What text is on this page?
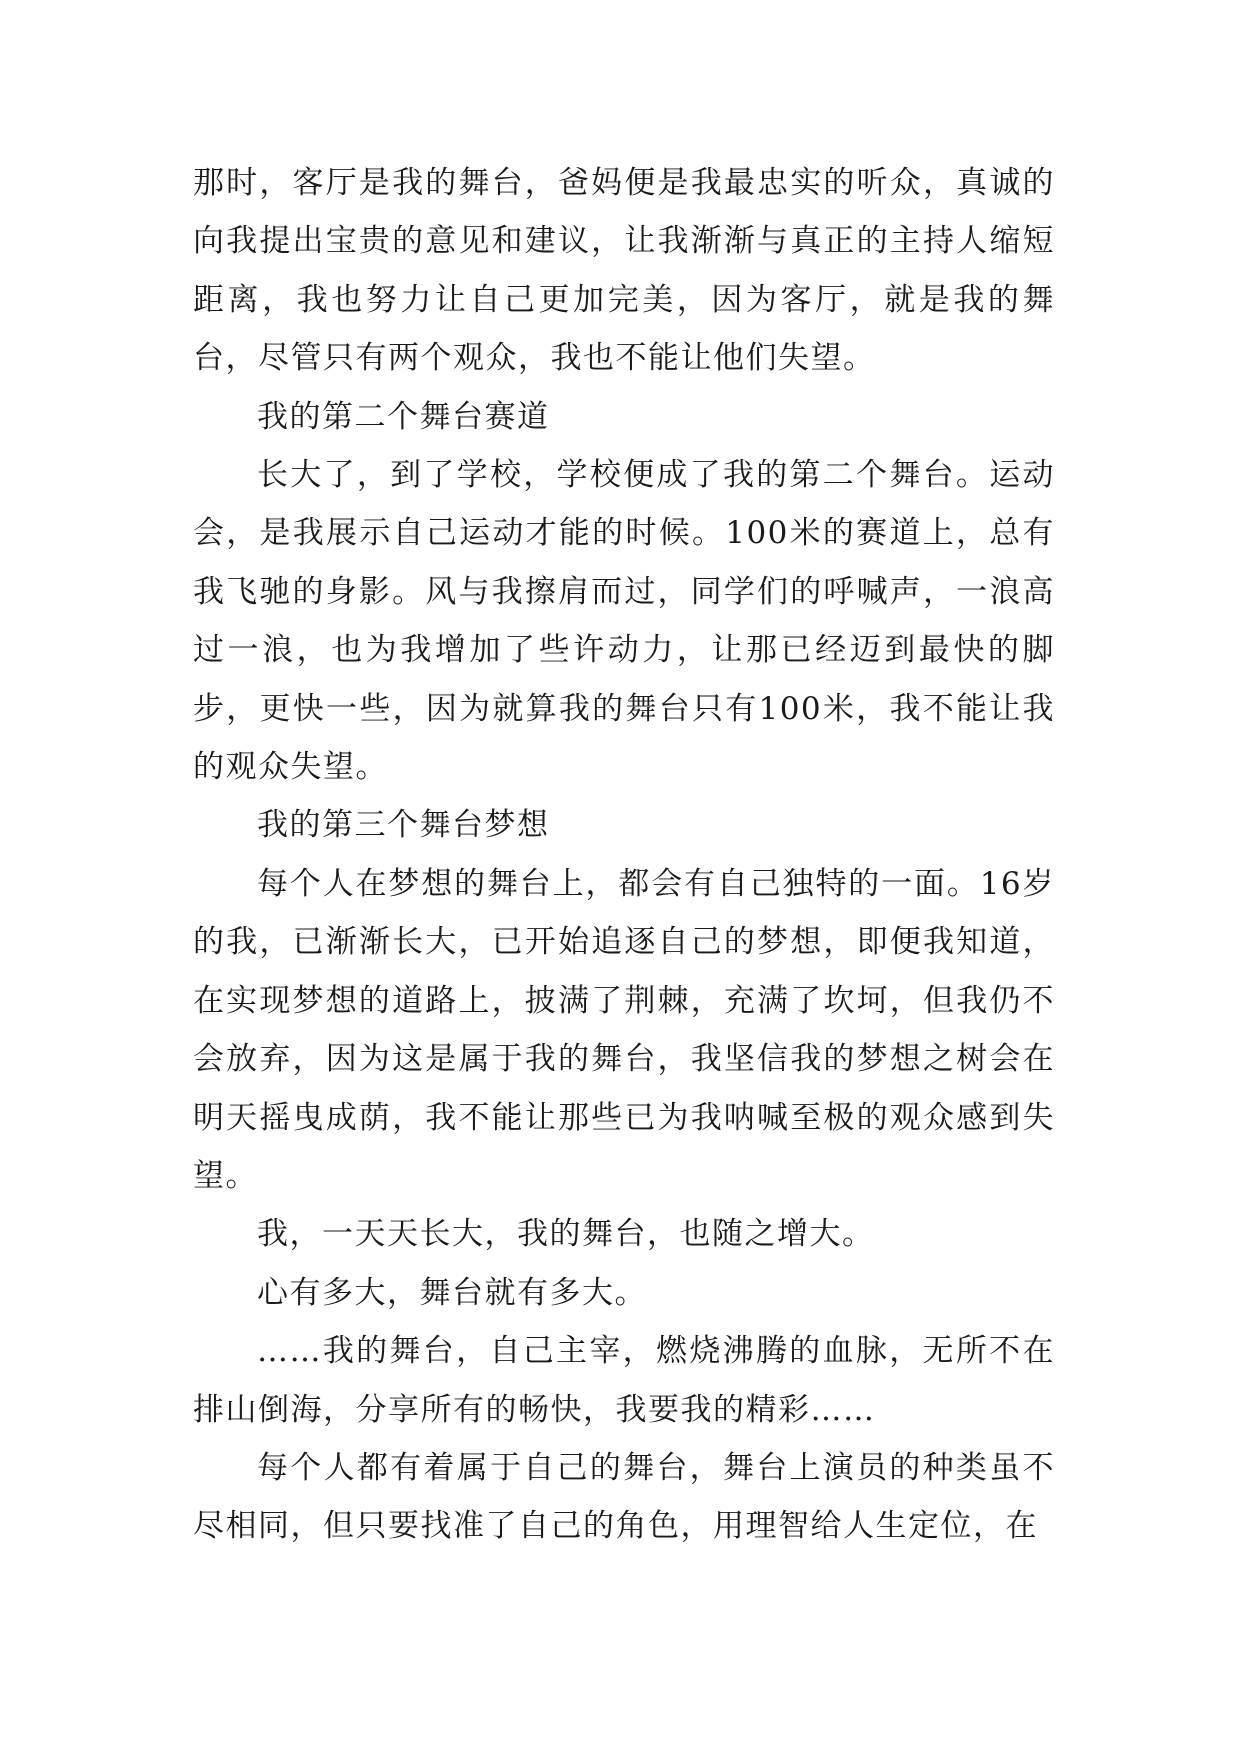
那时，客厅是我的舞台，爸妈便是我最忠实的听众，真诚的向我提出宝贵的意见和建议，让我渐渐与真正的主持人缩短距离，我也努力让自己更加完美，因为客厅，就是我的舞台，尽管只有两个观众，我也不能让他们失望。

我的第二个舞台赛道

长大了，到了学校，学校便成了我的第二个舞台。运动会，是我展示自己运动才能的时候。100米的赛道上，总有我飞驰的身影。风与我擦肩而过，同学们的呼喊声，一浪高过一浪，也为我增加了些许动力，让那已经迈到最快的脚步，更快一些，因为就算我的舞台只有100米，我不能让我的观众失望。

我的第三个舞台梦想

每个人在梦想的舞台上，都会有自己独特的一面。16岁的我，已渐渐长大，已开始追逐自己的梦想，即便我知道，在实现梦想的道路上，披满了荆棘，充满了坎坷，但我仍不会放弃，因为这是属于我的舞台，我坚信我的梦想之树会在明天摇曳成荫，我不能让那些已为我呐喊至极的观众感到失望。

我，一天天长大，我的舞台，也随之增大。

心有多大，舞台就有多大。

……我的舞台，自己主宰，燃烧沸腾的血脉，无所不在排山倒海，分享所有的畅快，我要我的精彩……

每个人都有着属于自己的舞台，舞台上演员的种类虽不尽相同，但只要找准了自己的角色，用理智给人生定位，在
